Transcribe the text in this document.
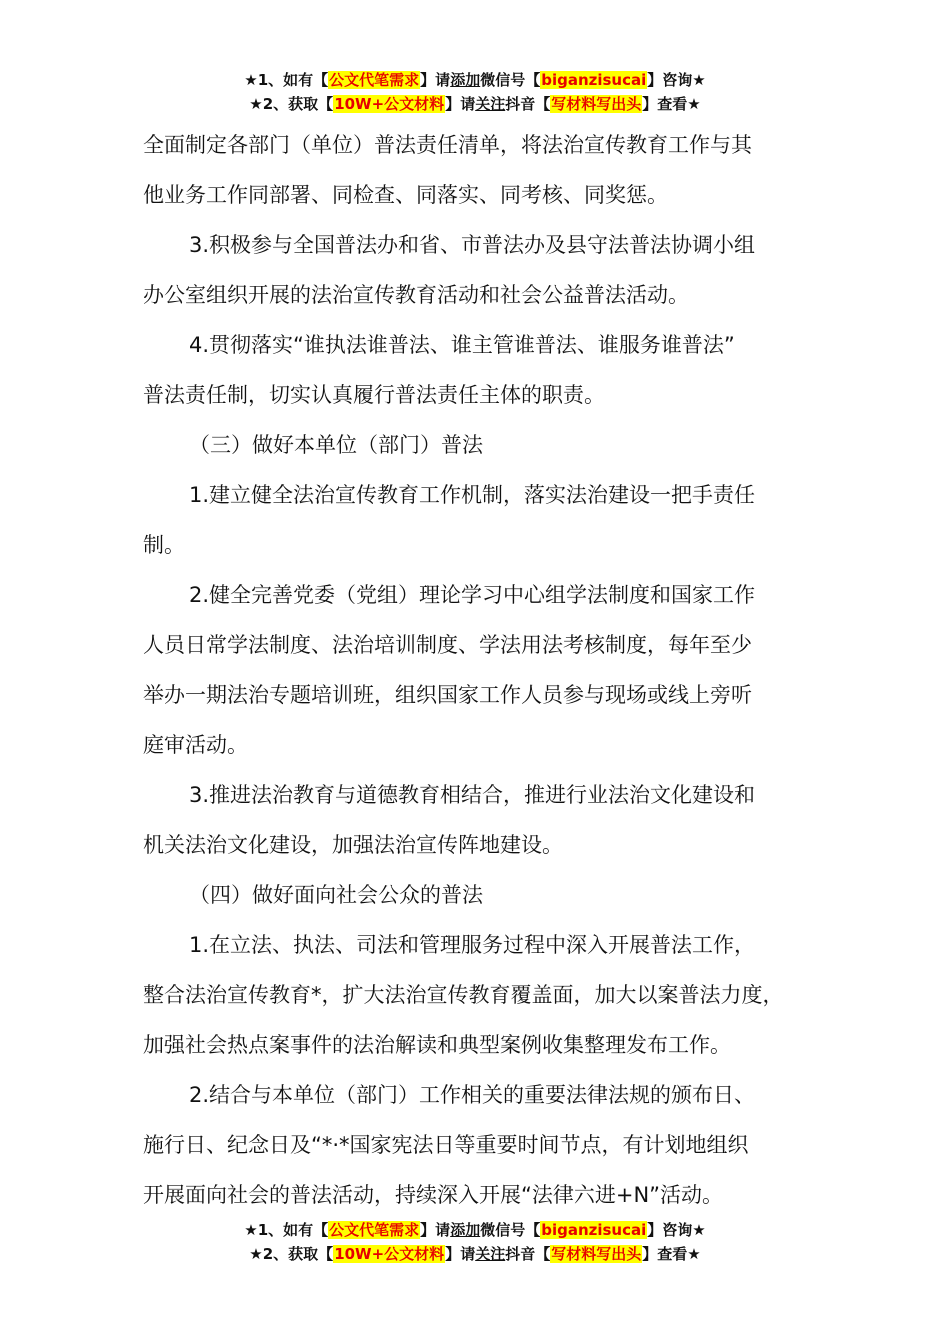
★1、如有【公文代笔需求】请添加微信号【biganzisucai】咨询★
★2、获取【10W+公文材料】请关注抖音【写材料写出头】查看★

全面制定各部门（单位）普法责任清单，将法治宣传教育工作与其

他业务工作同部署、同检查、同落实、同考核、同奖惩。

3.积极参与全国普法办和省、市普法办及县守法普法协调小组

办公室组织开展的法治宣传教育活动和社会公益普法活动。

4.贯彻落实“谁执法谁普法、谁主管谁普法、谁服务谁普法”

普法责任制，切实认真履行普法责任主体的职责。

（三）做好本单位（部门）普法

1.建立健全法治宣传教育工作机制，落实法治建设一把手责任

制。

2.健全完善党委（党组）理论学习中心组学法制度和国家工作

人员日常学法制度、法治培训制度、学法用法考核制度，每年至少

举办一期法治专题培训班，组织国家工作人员参与现场或线上旁听

庭审活动。

3.推进法治教育与道德教育相结合，推进行业法治文化建设和

机关法治文化建设，加强法治宣传阵地建设。

（四）做好面向社会公众的普法

1.在立法、执法、司法和管理服务过程中深入开展普法工作，

整合法治宣传教育*，扩大法治宣传教育覆盖面，加大以案普法力度，

加强社会热点案事件的法治解读和典型案例收集整理发布工作。

2.结合与本单位（部门）工作相关的重要法律法规的颁布日、

施行日、纪念日及“*·*国家宪法日等重要时间节点，有计划地组织

开展面向社会的普法活动，持续深入开展“法律六进+N”活动。

★1、如有【公文代笔需求】请添加微信号【biganzisucai】咨询★
★2、获取【10W+公文材料】请关注抖音【写材料写出头】查看★
